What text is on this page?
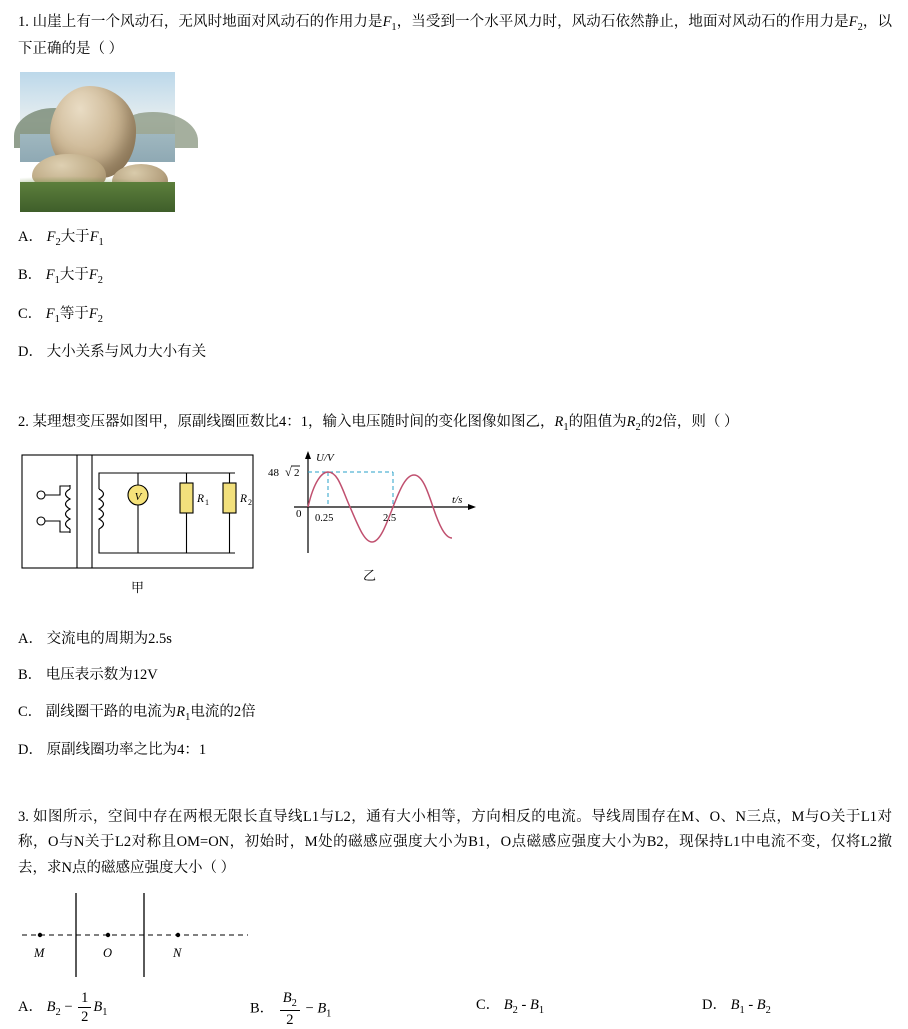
1. 山崖上有一个风动石，无风时地面对风动石的作用力是$F_1$，当受到一个水平风力时，风动石依然静止，地面对风动石的作用力是$F_2$，以下正确的是（ ）
A． $F_2$大于$F_1$
B． $F_1$大于$F_2$
C． $F_1$等于$F_2$
D． 大小关系与风力大小有关
2. 某理想变压器如图甲，原副线圈匝数比4：1，输入电压随时间的变化图像如图乙，$R_1$的阻值为$R_2$的2倍，则（ ）
V	R 1	R 2
甲
U/V
t/s
0 0.25	2.5
48 √ 2
乙
A． 交流电的周期为2.5s
B． 电压表示数为12V
C． 副线圈干路的电流为$R_1$电流的2倍
D． 原副线圈功率之比为4：1
3. 如图所示，空间中存在两根无限长直导线L1与L2，通有大小相等，方向相反的电流。导线周围存在M、O、N三点，M与O关于L1对称，O与N关于L2对称且OM=ON，初始时，M处的磁感应强度大小为B1，O点磁感应强度大小为B2，现保持L1中电流不变，仅将L2撤去，求N点的磁感应强度大小（ ）
M	O	N
A． $B_2 - \frac{1}{2} B_1$	B． $\frac{B_2}{2} - B_1$
C． $B_2 - B_1$	D． $B_1 - B_2$
